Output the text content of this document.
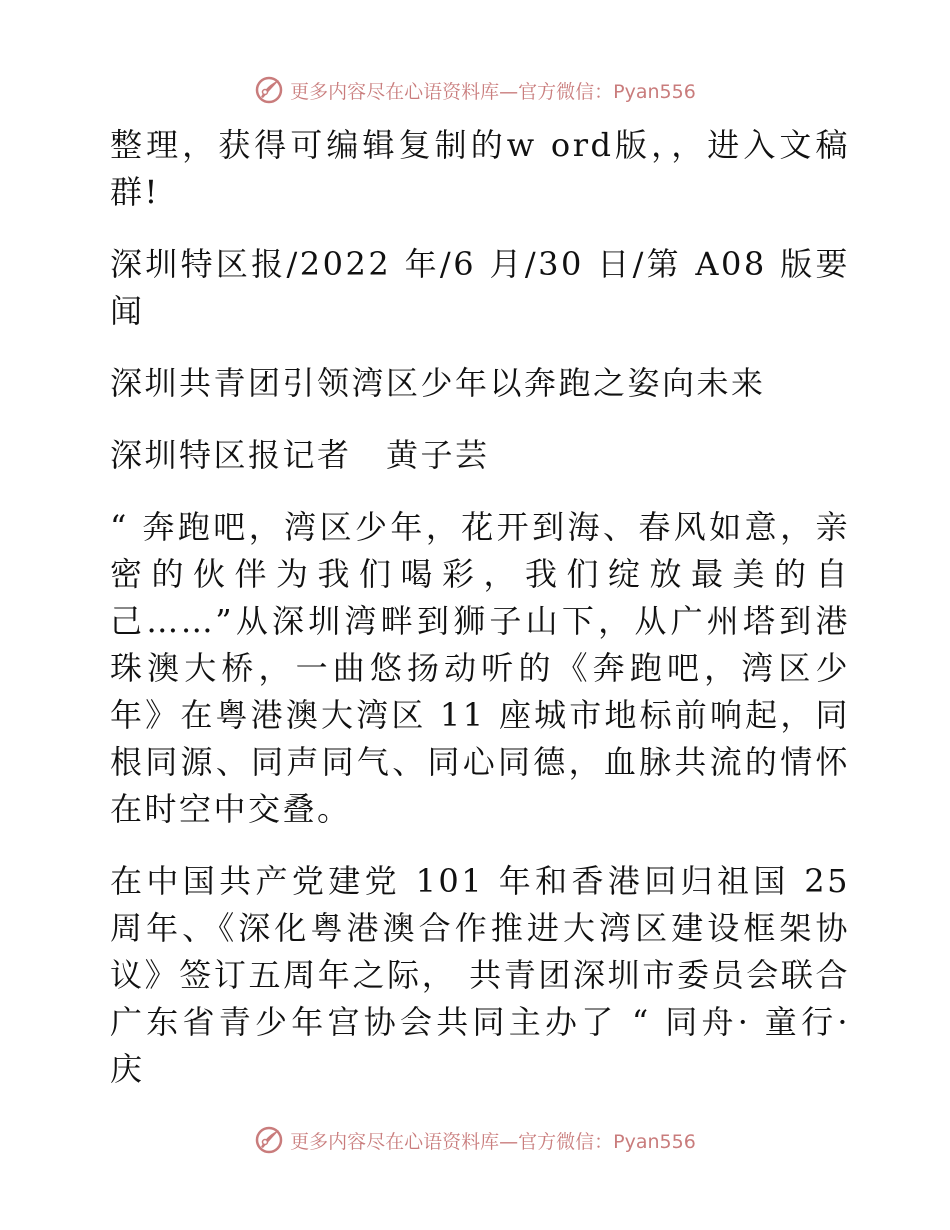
更多内容尽在心语资料库—官方微信：Pyan556

整理，获得可编辑复制的w ord版，，进入文稿群!

深圳特区报/2022 年/6 月/30 日/第 A08 版要闻

深圳共青团引领湾区少年以奔跑之姿向未来

深圳特区报记者　黄子芸

“ 奔跑吧，湾区少年，花开到海、春风如意，亲密的伙伴为我们喝彩，我们绽放最美的自己……”从深圳湾畔到狮子山下，从广州塔到港珠澳大桥，一曲悠扬动听的《奔跑吧，湾区少年》在粤港澳大湾区 11 座城市地标前响起，同根同源、同声同气、同心同德，血脉共流的情怀在时空中交叠。

在中国共产党建党 101 年和香港回归祖国 25 周年、《深化粤港澳合作推进大湾区建设框架协议》签订五周年之际， 共青团深圳市委员会联合广东省青少年宫协会共同主办了 “ 同舟· 童行· 庆

更多内容尽在心语资料库—官方微信：Pyan556
